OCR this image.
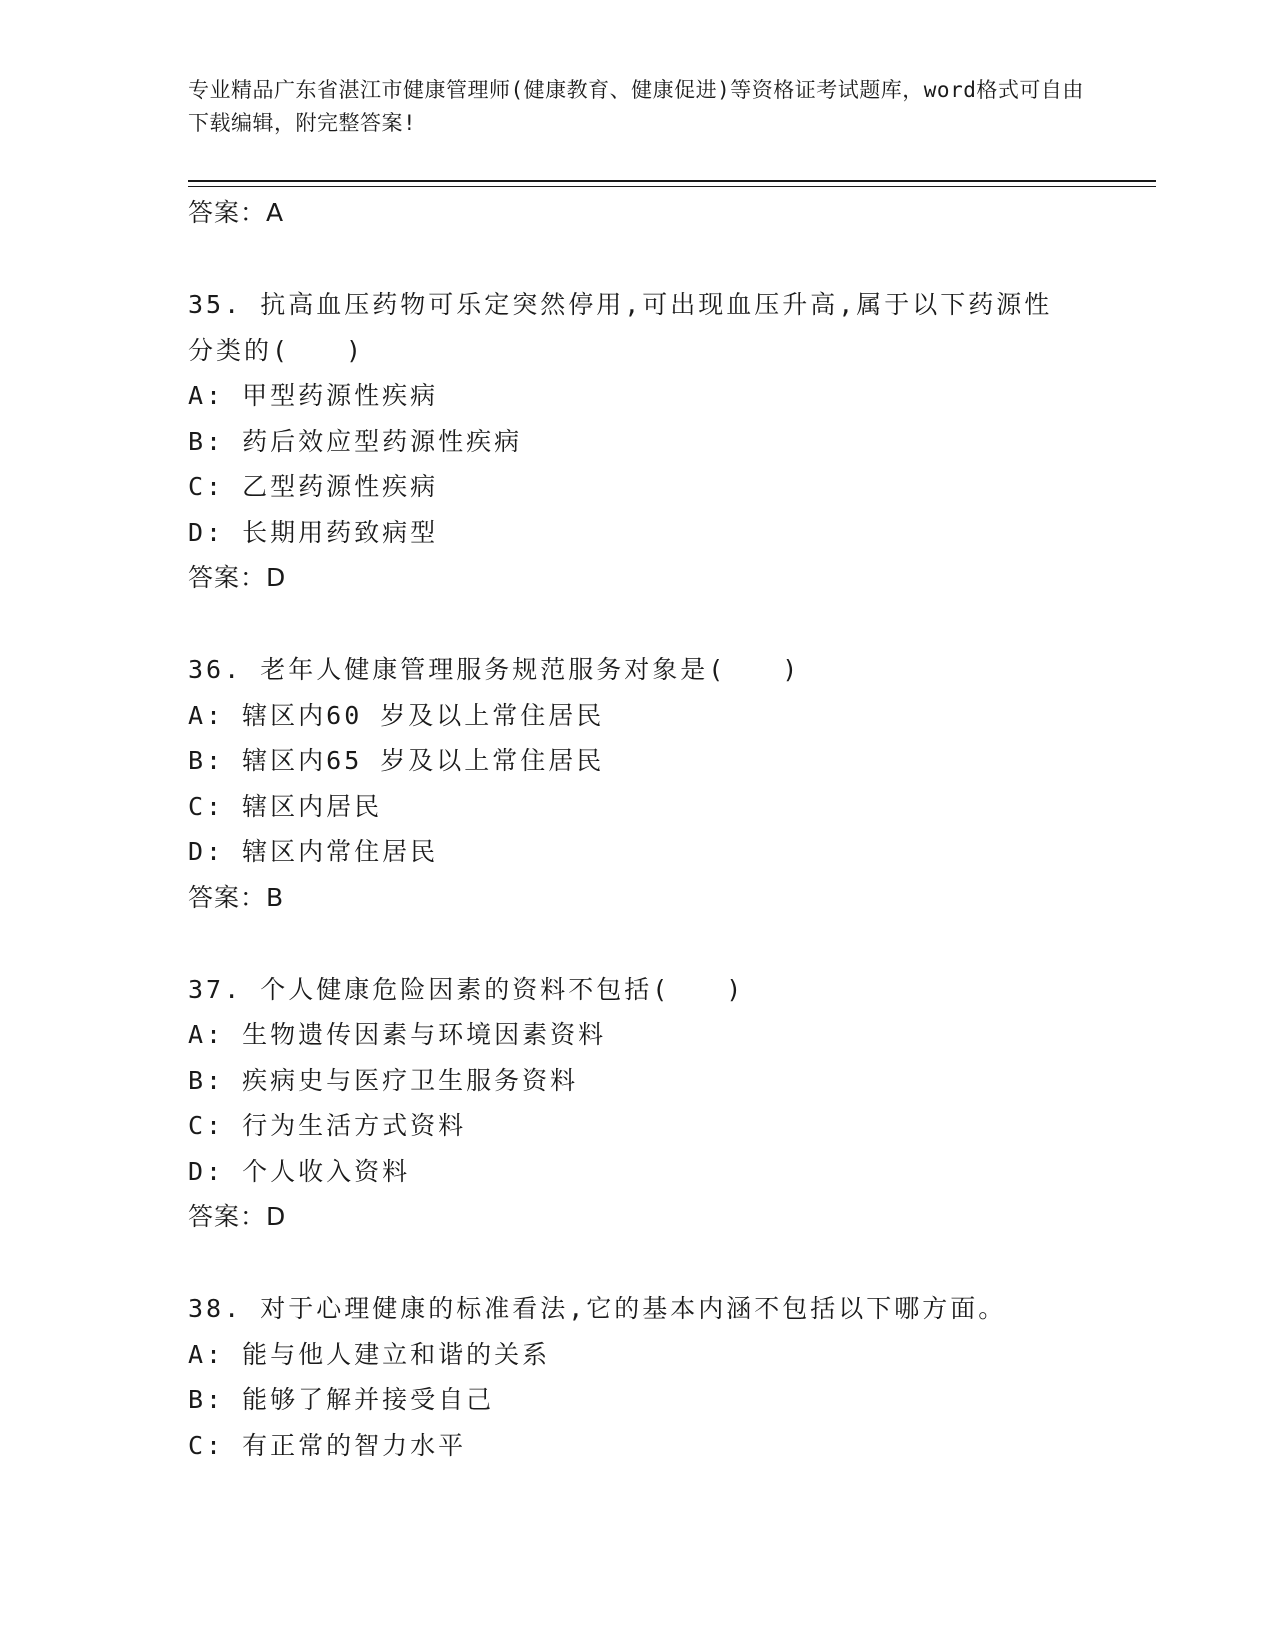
专业精品广东省湛江市健康管理师(健康教育、健康促进)等资格证考试题库，word格式可自由下载编辑，附完整答案!
答案：A
35. 抗高血压药物可乐定突然停用,可出现血压升高,属于以下药源性
分类的(　　)
A: 甲型药源性疾病
B: 药后效应型药源性疾病
C: 乙型药源性疾病
D: 长期用药致病型
答案：D
36. 老年人健康管理服务规范服务对象是(　　)
A: 辖区内60 岁及以上常住居民
B: 辖区内65 岁及以上常住居民
C: 辖区内居民
D: 辖区内常住居民
答案：B
37. 个人健康危险因素的资料不包括(　　)
A: 生物遗传因素与环境因素资料
B: 疾病史与医疗卫生服务资料
C: 行为生活方式资料
D: 个人收入资料
答案：D
38. 对于心理健康的标准看法,它的基本内涵不包括以下哪方面。
A: 能与他人建立和谐的关系
B: 能够了解并接受自己
C: 有正常的智力水平
